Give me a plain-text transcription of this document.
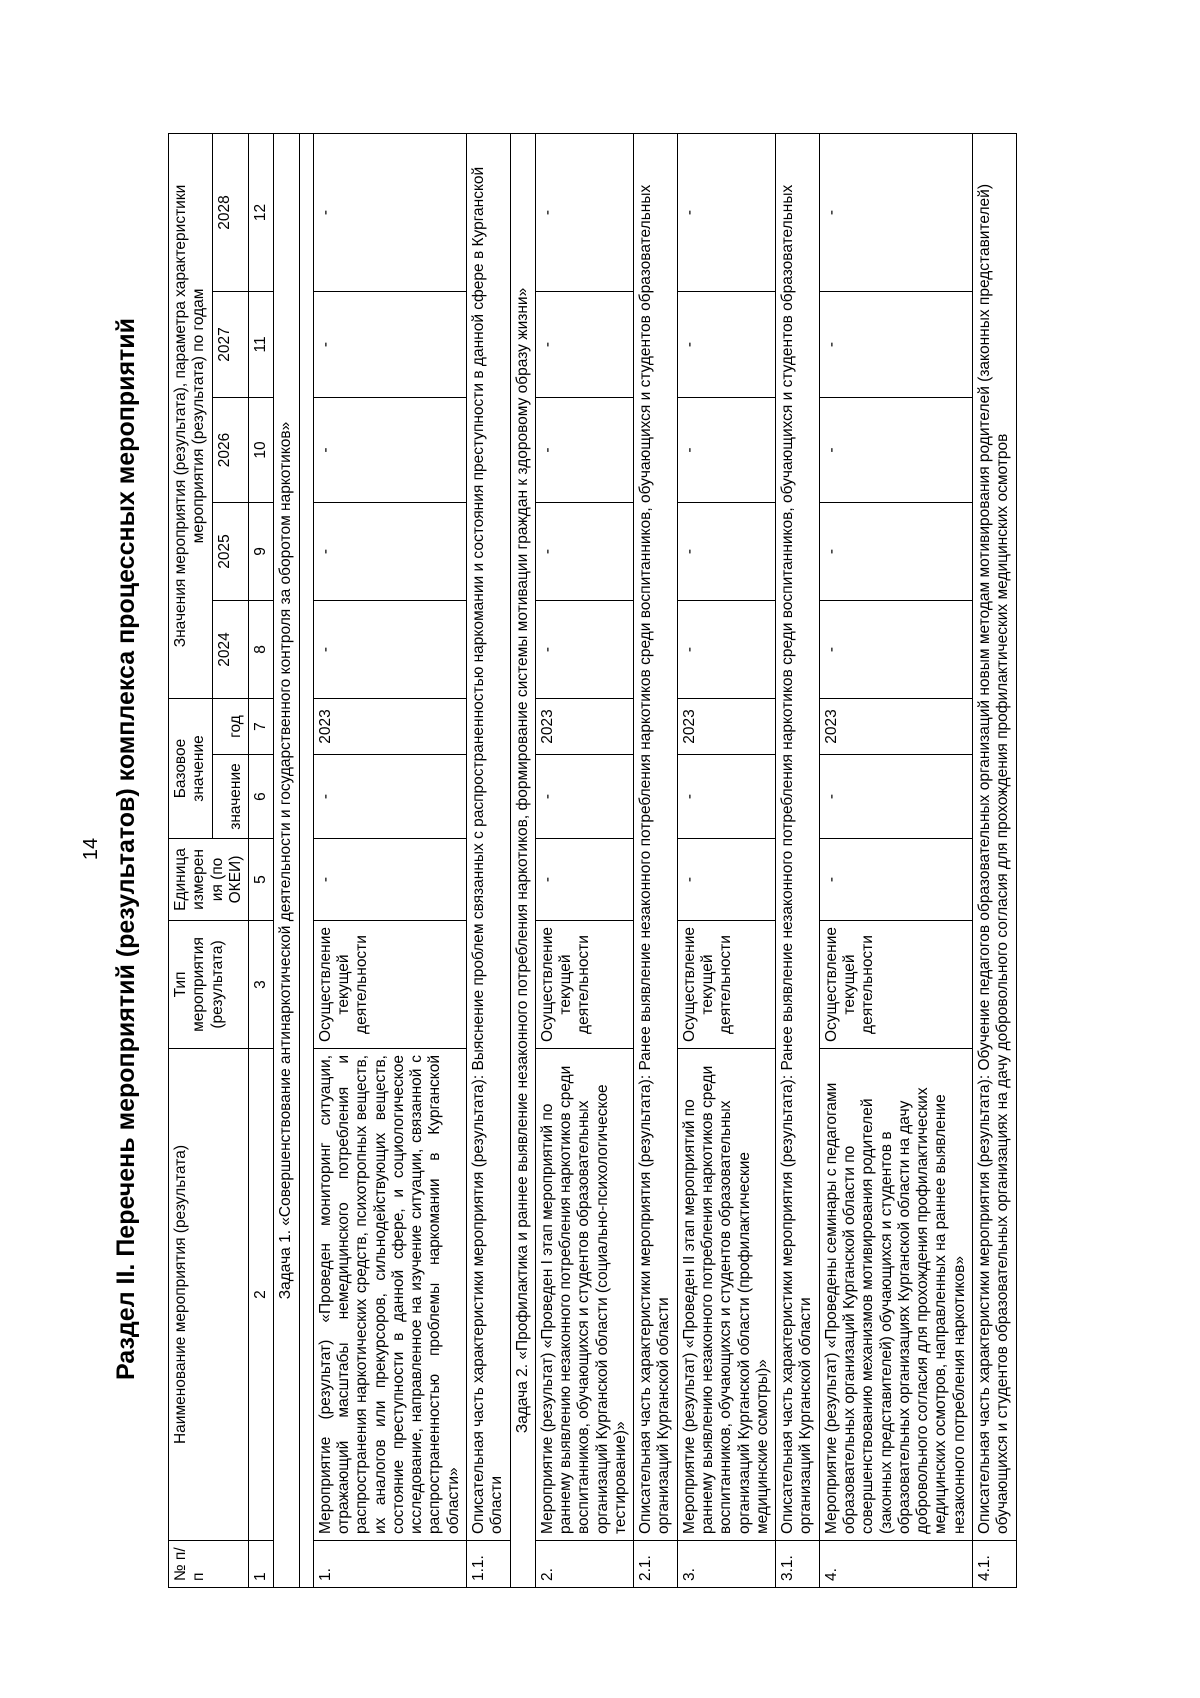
14 Раздел II. Перечень мероприятий (результатов) комплекса процессных мероприятий
№ п/п	Наименование мероприятия (результата)	Тип мероприятия (результата)	Единица измерения (по ОКЕИ)	Базовое значение		Значения мероприятия (результата), параметра характеристики мероприятия (результата) по годам				
				значение	год	2024	2025	2026	2027	2028

1	2	3	5	6	7	8	9	10	11	12
Задача 1. «Совершенствование антинаркотической деятельности и государственного контроля за оборотом наркотиков»										

1.	Мероприятие (результат) «Проведен мониторинг ситуации, отражающий масштабы немедицинского потребления и распространения наркотических средств, психотропных веществ, их аналогов или прекурсоров, сильнодействующих веществ, состояние преступности в данной сфере, и социологическое исследование, направленное на изучение ситуации, связанной с распространенностью проблемы наркомании в Курганской области»	Осуществление текущей деятельности	-	-	2023	-	-	-	-	-
1.1.	Описательная часть характеристики мероприятия (результата): Выяснение проблем связанных с распространенностью наркомании и состояния преступности в данной сфере в Курганской области									
Задача 2. «Профилактика и раннее выявление незаконного потребления наркотиков, формирование системы мотивации граждан к здоровому образу жизни»										
2.	Мероприятие (результат) «Проведен I этап мероприятий по раннему выявлению незаконного потребления наркотиков среди воспитанников, обучающихся и студентов образовательных организаций Курганской области (социально-психологическое тестирование)»	Осуществление текущей деятельности	-	-	2023	-	-	-	-	-
2.1.	Описательная часть характеристики мероприятия (результата): Ранее выявление незаконного потребления наркотиков среди воспитанников, обучающихся и студентов образовательных организаций Курганской области									
3.	Мероприятие (результат) «Проведен II этап мероприятий по раннему выявлению незаконного потребления наркотиков среди воспитанников, обучающихся и студентов образовательных организаций Курганской области (профилактические медицинские осмотры)»	Осуществление текущей деятельности	-	-	2023	-	-	-	-	-
3.1.	Описательная часть характеристики мероприятия (результата): Ранее выявление незаконного потребления наркотиков среди воспитанников, обучающихся и студентов образовательных организаций Курганской области									
4.	Мероприятие (результат) «Проведены семинары с педагогами образовательных организаций Курганской области по совершенствованию механизмов мотивирования родителей (законных представителей) обучающихся и студентов в образовательных организациях Курганской области на дачу добровольного согласия для прохождения профилактических медицинских осмотров, направленных на раннее выявление незаконного потребления наркотиков»	Осуществление текущей деятельности	-	-	2023	-	-	-	-	-
4.1.	Описательная часть характеристики мероприятия (результата): Обучение педагогов образовательных организаций новым методам мотивирования родителей (законных представителей) обучающихся и студентов образовательных организациях на дачу добровольного согласия для прохождения профилактических медицинских осмотров									
